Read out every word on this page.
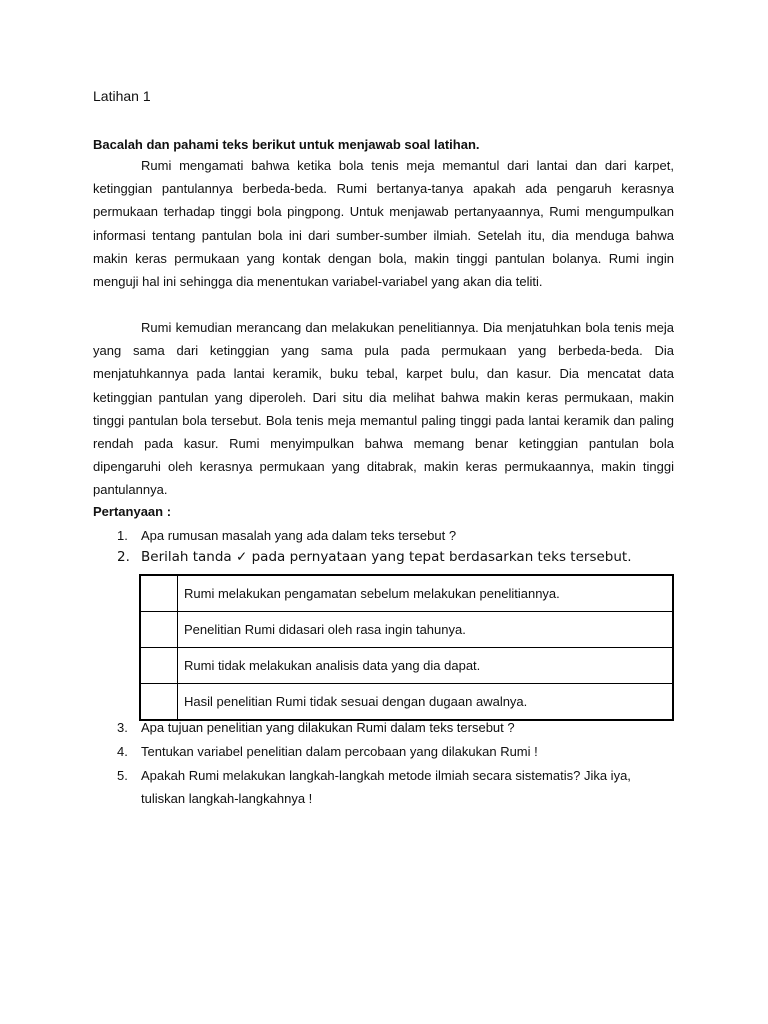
Latihan 1
Bacalah dan pahami teks berikut untuk menjawab soal latihan.

Rumi mengamati bahwa ketika bola tenis meja memantul dari lantai dan dari karpet, ketinggian pantulannya berbeda-beda. Rumi bertanya-tanya apakah ada pengaruh kerasnya permukaan terhadap tinggi bola pingpong. Untuk menjawab pertanyaannya, Rumi mengumpulkan informasi tentang pantulan bola ini dari sumber-sumber ilmiah. Setelah itu, dia menduga bahwa makin keras permukaan yang kontak dengan bola, makin tinggi pantulan bolanya. Rumi ingin menguji hal ini sehingga dia menentukan variabel-variabel yang akan dia teliti.

Rumi kemudian merancang dan melakukan penelitiannya. Dia menjatuhkan bola tenis meja yang sama dari ketinggian yang sama pula pada permukaan yang berbeda-beda. Dia menjatuhkannya pada lantai keramik, buku tebal, karpet bulu, dan kasur. Dia mencatat data ketinggian pantulan yang diperoleh. Dari situ dia melihat bahwa makin keras permukaan, makin tinggi pantulan bola tersebut. Bola tenis meja memantul paling tinggi pada lantai keramik dan paling rendah pada kasur. Rumi menyimpulkan bahwa memang benar ketinggian pantulan bola dipengaruhi oleh kerasnya permukaan yang ditabrak, makin keras permukaannya, makin tinggi pantulannya.

Pertanyaan :
1. Apa rumusan masalah yang ada dalam teks tersebut ?
2. Berilah tanda ✓ pada pernyataan yang tepat berdasarkan teks tersebut.
	Rumi melakukan pengamatan sebelum melakukan penelitiannya.
	Penelitian Rumi didasari oleh rasa ingin tahunya.
	Rumi tidak melakukan analisis data yang dia dapat.
	Hasil penelitian Rumi tidak sesuai dengan dugaan awalnya.
3. Apa tujuan penelitian yang dilakukan Rumi dalam teks tersebut ?
4. Tentukan variabel penelitian dalam percobaan yang dilakukan Rumi !
5. Apakah Rumi melakukan langkah-langkah metode ilmiah secara sistematis? Jika iya, tuliskan langkah-langkahnya !
